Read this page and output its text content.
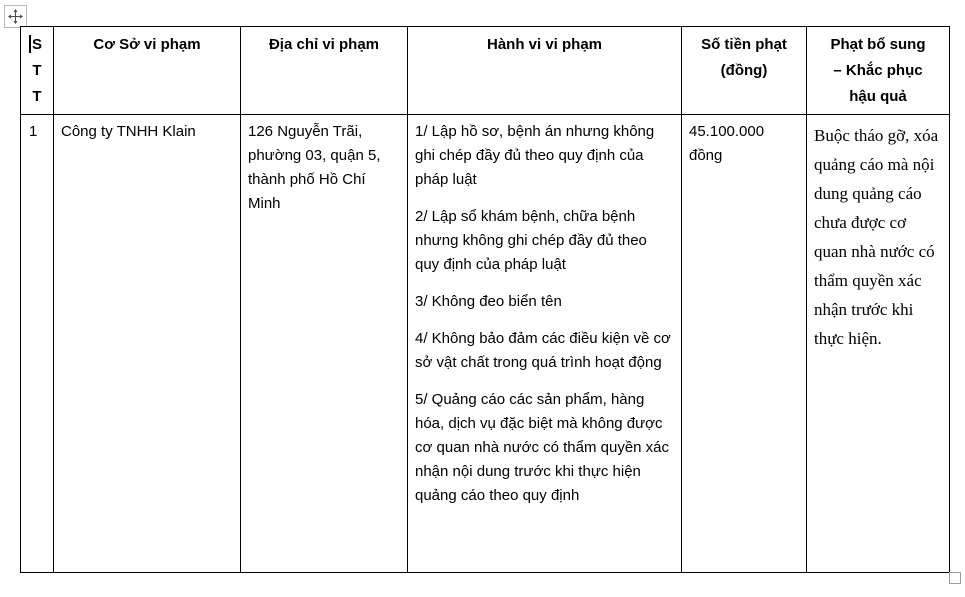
STT	Cơ Sở vi phạm	Địa chỉ vi phạm	Hành vi vi phạm	Số tiền phạt (đồng)	Phạt bổ sung – Khắc phục hậu quả

1	Công ty TNHH Klain	126 Nguyễn Trãi, phường 03, quận 5, thành phố Hồ Chí Minh	1/ Lập hồ sơ, bệnh án nhưng không ghi chép đầy đủ theo quy định của pháp luật

2/ Lập sổ khám bệnh, chữa bệnh nhưng không ghi chép đầy đủ theo quy định của pháp luật

3/ Không đeo biển tên

4/ Không bảo đảm các điều kiện về cơ sở vật chất trong quá trình hoạt động

5/ Quảng cáo các sản phẩm, hàng hóa, dịch vụ đặc biệt mà không được cơ quan nhà nước có thẩm quyền xác nhận nội dung trước khi thực hiện quảng cáo theo quy định	45.100.000 đồng	Buộc tháo gỡ, xóa quảng cáo mà nội dung quảng cáo chưa được cơ quan nhà nước có thẩm quyền xác nhận trước khi thực hiện.
